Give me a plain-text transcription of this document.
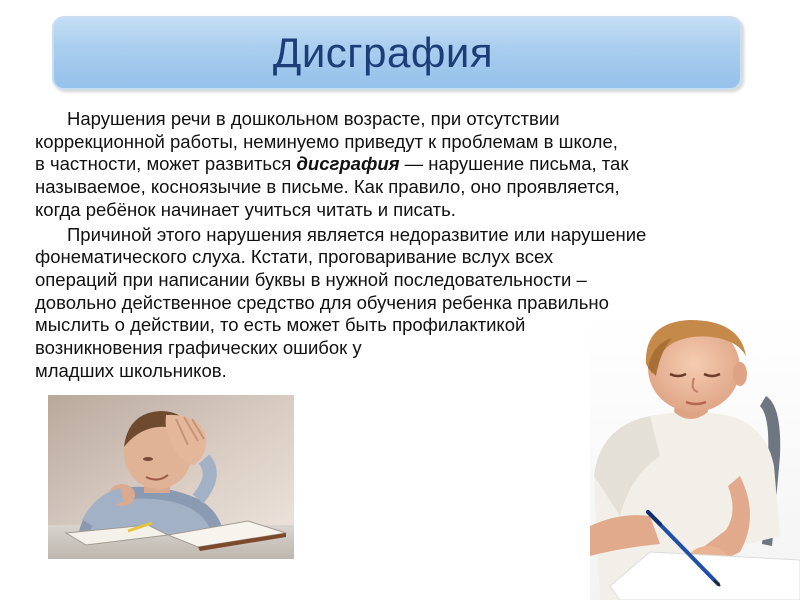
Дисграфия

Нарушения речи в дошкольном возрасте, при отсутствии
коррекционной работы, неминуемо приведут к проблемам в школе,
в частности, может развиться дисграфия — нарушение письма, так
называемое, косноязычие в письме. Как правило, оно проявляется,
когда ребёнок начинает учиться читать и писать.

Причиной этого нарушения является недоразвитие или нарушение
фонематического слуха. Кстати, проговаривание вслух всех
операций при написании буквы в нужной последовательности –
довольно действенное средство для обучения ребенка правильно
мыслить о действии, то есть может быть профилактикой
возникновения графических ошибок у
младших школьников.
